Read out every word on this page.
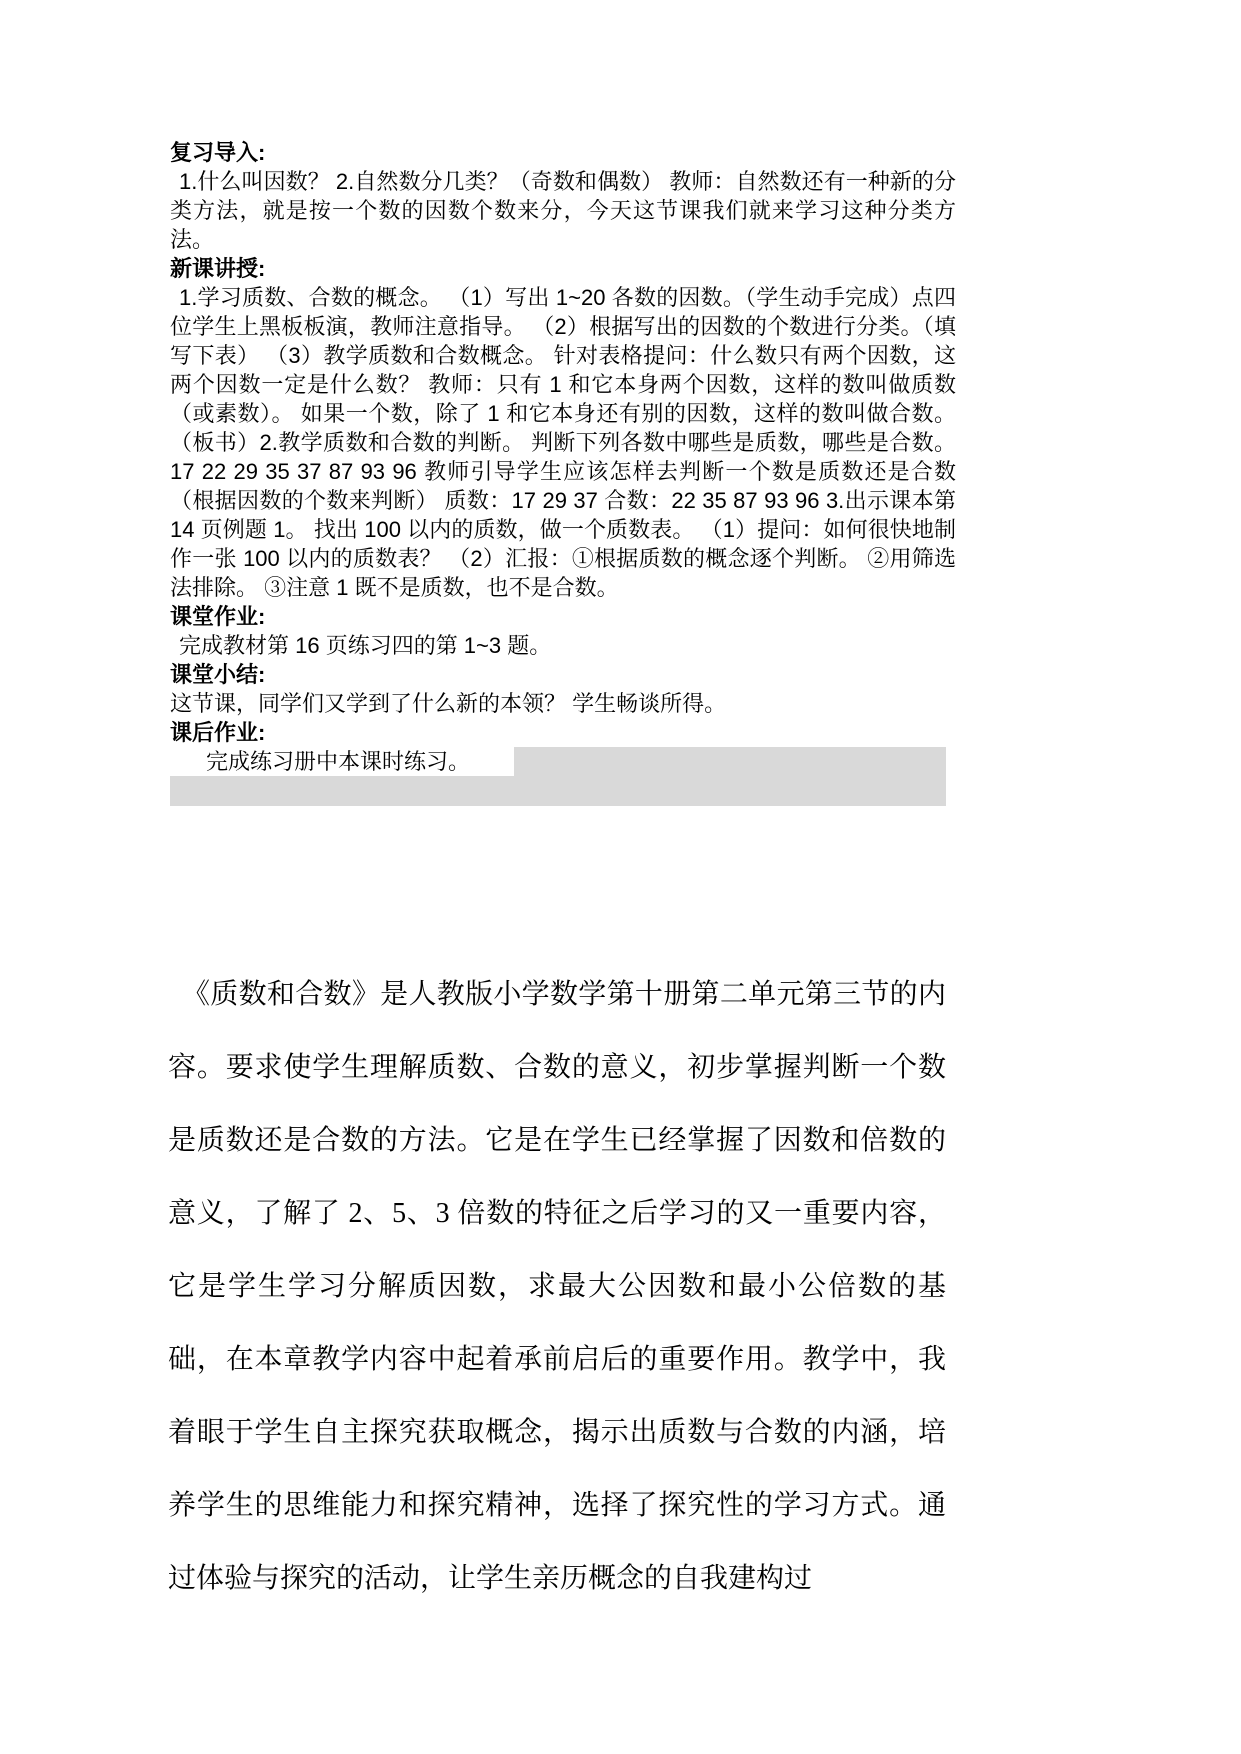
复习导入:

1.什么叫因数？ 2.自然数分几类？（奇数和偶数） 教师：自然数还有一种新的分类方法，就是按一个数的因数个数来分，今天这节课我们就来学习这种分类方法。

新课讲授:

1.学习质数、合数的概念。 （1）写出 1~20 各数的因数。（学生动手完成）点四位学生上黑板板演，教师注意指导。 （2）根据写出的因数的个数进行分类。（填写下表） （3）教学质数和合数概念。 针对表格提问：什么数只有两个因数，这两个因数一定是什么数？ 教师：只有 1 和它本身两个因数，这样的数叫做质数（或素数）。 如果一个数，除了 1 和它本身还有别的因数，这样的数叫做合数。（板书）2.教学质数和合数的判断。 判断下列各数中哪些是质数，哪些是合数。 17 22 29 35 37 87 93 96 教师引导学生应该怎样去判断一个数是质数还是合数（根据因数的个数来判断） 质数：17 29 37 合数：22 35 87 93 96 3.出示课本第 14 页例题 1。 找出 100 以内的质数，做一个质数表。 （1）提问：如何很快地制作一张 100 以内的质数表？ （2）汇报：①根据质数的概念逐个判断。 ②用筛选法排除。 ③注意 1 既不是质数，也不是合数。

课堂作业:

完成教材第 16 页练习四的第 1~3 题。

课堂小结:

这节课，同学们又学到了什么新的本领？ 学生畅谈所得。

课后作业:
完成练习册中本课时练习。
《质数和合数》是人教版小学数学第十册第二单元第三节的内容。要求使学生理解质数、合数的意义，初步掌握判断一个数是质数还是合数的方法。它是在学生已经掌握了因数和倍数的意义，了解了 2、5、3 倍数的特征之后学习的又一重要内容，它是学生学习分解质因数，求最大公因数和最小公倍数的基础，在本章教学内容中起着承前启后的重要作用。教学中，我着眼于学生自主探究获取概念，揭示出质数与合数的内涵，培养学生的思维能力和探究精神，选择了探究性的学习方式。通过体验与探究的活动，让学生亲历概念的自我建构过
